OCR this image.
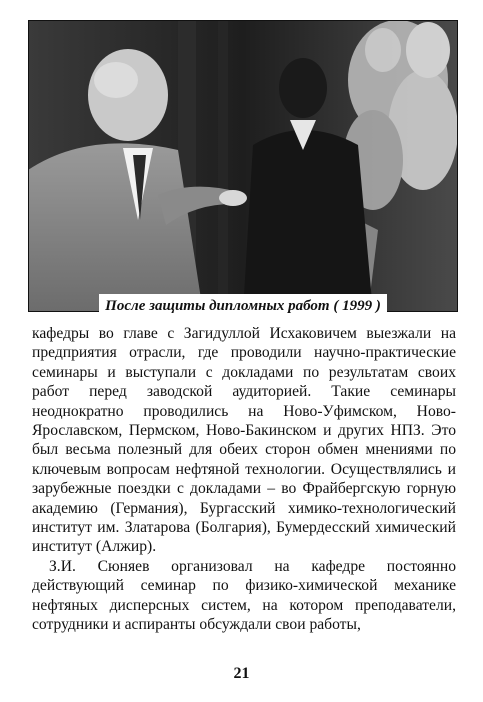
После защиты дипломных работ ( 1999 )

кафедры во главе с Загидуллой Исхаковичем выезжали на предприятия отрасли, где проводили научно-практические семинары и выступали с докладами по результатам своих работ перед заводской аудиторией. Такие семинары неоднократно проводились на Ново-Уфимском, Ново-Ярославском, Пермском, Ново-Бакинском и других НПЗ. Это был весьма полезный для обеих сторон обмен мнениями по ключевым вопросам нефтяной технологии. Осуществлялись и зарубежные поездки с докладами – во Фрайбергскую горную академию (Германия), Бургасский химико-технологический институт им. Златарова (Болгария), Бумердесский химический институт (Алжир).

З.И. Сюняев организовал на кафедре постоянно действующий семинар по физико-химической механике нефтяных дисперсных систем, на котором преподаватели, сотрудники и аспиранты обсуждали свои работы,

21
